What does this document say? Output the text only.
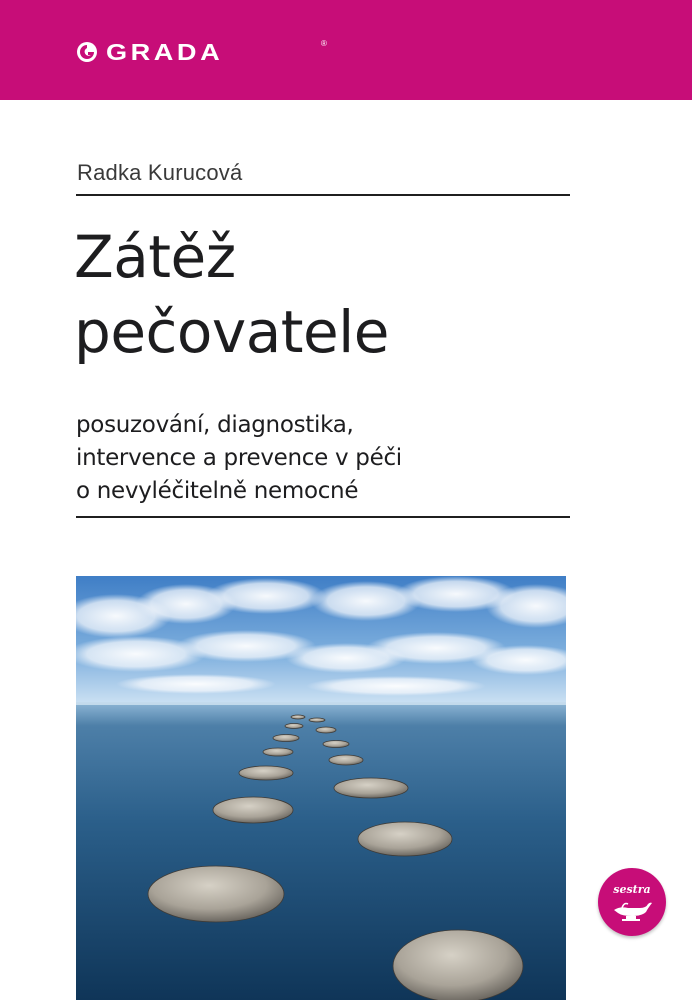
GRADA	®
Radka Kurucová
Zátěž
pečovatele
posuzování, diagnostika,
intervence a prevence v péči
o nevyléčitelně nemocné
sestra
